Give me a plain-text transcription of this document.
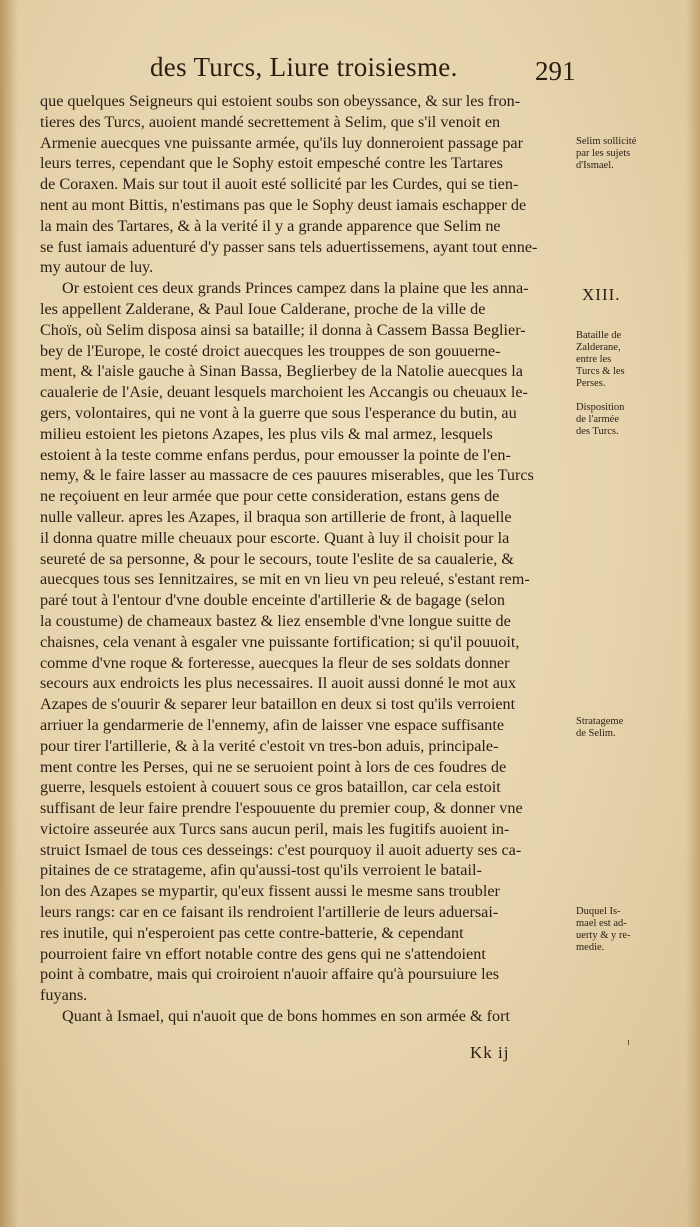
des Turcs, Liure troisiesme.	291
que quelques Seigneurs qui estoient soubs son obeyssance, & sur les fron-
tieres des Turcs, auoient mandé secrettement à Selim, que s'il venoit en
Armenie auecques vne puissante armée, qu'ils luy donneroient passage par
leurs terres, cependant que le Sophy estoit empesché contre les Tartares
de Coraxen. Mais sur tout il auoit esté sollicité par les Curdes, qui se tien-
nent au mont Bittis, n'estimans pas que le Sophy deust iamais eschapper de
la main des Tartares, & à la verité il y a grande apparence que Selim ne
se fust iamais aduenturé d'y passer sans tels aduertissemens, ayant tout enne-
my autour de luy.
Or estoient ces deux grands Princes campez dans la plaine que les anna-
les appellent Zalderane, & Paul Ioue Calderane, proche de la ville de
Choïs, où Selim disposa ainsi sa bataille; il donna à Cassem Bassa Beglier-
bey de l'Europe, le costé droict auecques les trouppes de son gouuerne-
ment, & l'aisle gauche à Sinan Bassa, Beglierbey de la Natolie auecques la
caualerie de l'Asie, deuant lesquels marchoient les Accangis ou cheuaux le-
gers, volontaires, qui ne vont à la guerre que sous l'esperance du butin, au
milieu estoient les pietons Azapes, les plus vils & mal armez, lesquels
estoient à la teste comme enfans perdus, pour emousser la pointe de l'en-
nemy, & le faire lasser au massacre de ces pauures miserables, que les Turcs
ne reçoiuent en leur armée que pour cette consideration, estans gens de
nulle valleur. apres les Azapes, il braqua son artillerie de front, à laquelle
il donna quatre mille cheuaux pour escorte. Quant à luy il choisit pour la
seureté de sa personne, & pour le secours, toute l'eslite de sa caualerie, &
auecques tous ses Iennitzaires, se mit en vn lieu vn peu releué, s'estant rem-
paré tout à l'entour d'vne double enceinte d'artillerie & de bagage (selon
la coustume) de chameaux bastez & liez ensemble d'vne longue suitte de
chaisnes, cela venant à esgaler vne puissante fortification; si qu'il pouuoit,
comme d'vne roque & forteresse, auecques la fleur de ses soldats donner
secours aux endroicts les plus necessaires. Il auoit aussi donné le mot aux
Azapes de s'ouurir & separer leur bataillon en deux si tost qu'ils verroient
arriuer la gendarmerie de l'ennemy, afin de laisser vne espace suffisante
pour tirer l'artillerie, & à la verité c'estoit vn tres-bon aduis, principale-
ment contre les Perses, qui ne se seruoient point à lors de ces foudres de
guerre, lesquels estoient à couuert sous ce gros bataillon, car cela estoit
suffisant de leur faire prendre l'espouuente du premier coup, & donner vne
victoire asseurée aux Turcs sans aucun peril, mais les fugitifs auoient in-
struict Ismael de tous ces desseings: c'est pourquoy il auoit aduerty ses ca-
pitaines de ce stratageme, afin qu'aussi-tost qu'ils verroient le batail-
lon des Azapes se mypartir, qu'eux fissent aussi le mesme sans troubler
leurs rangs: car en ce faisant ils rendroient l'artillerie de leurs aduersai-
res inutile, qui n'esperoient pas cette contre-batterie, & cependant
pourroient faire vn effort notable contre des gens qui ne s'attendoient
point à combatre, mais qui croiroient n'auoir affaire qu'à poursuiure les
fuyans.
Quant à Ismael, qui n'auoit que de bons hommes en son armée & fort
XIII.
Selim sollicité
par les sujets
d'Ismael.
Bataille de
Zalderane,
entre les
Turcs & les
Perses.
Disposition
de l'armée
des Turcs.
Stratageme
de Selim.
Duquel Is-
mael est ad-
uerty & y re-
medie.
Kk ij
